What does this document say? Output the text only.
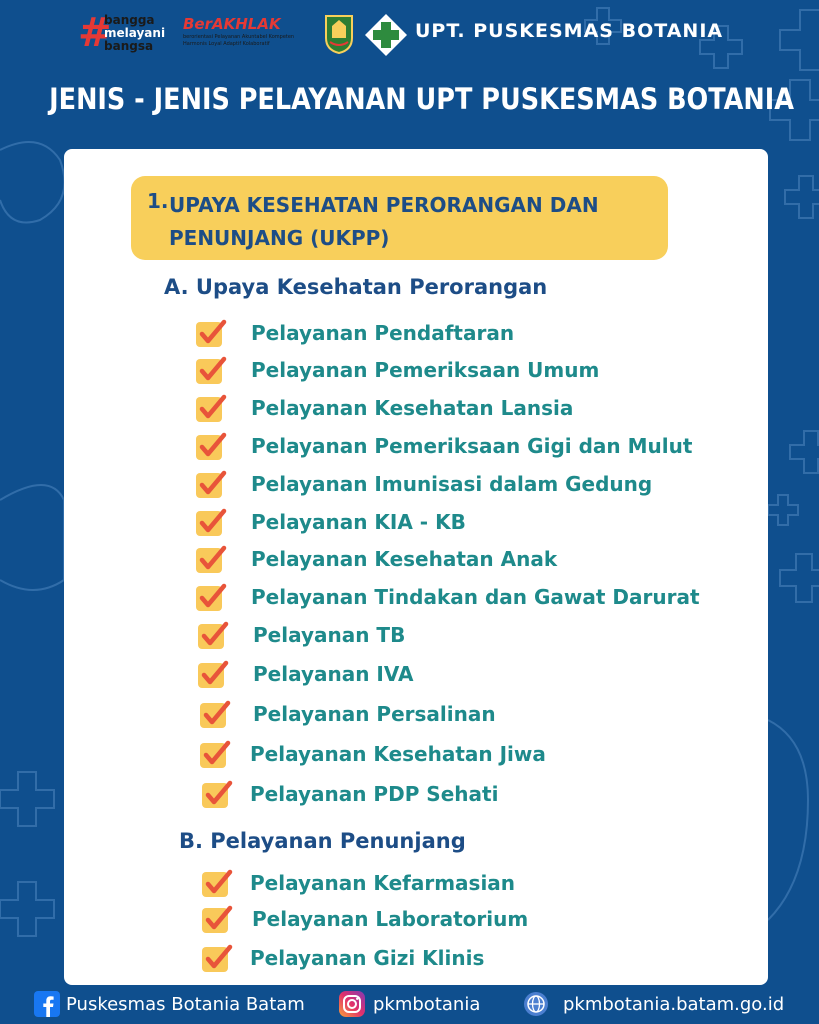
#
bangga
melayani
bangsa
BerAKHLAK
berorientasi Pelayanan Akuntabel Kompeten Harmonis Loyal Adaptif Kolaboratif
UPT. PUSKESMAS BOTANIA
JENIS - JENIS PELAYANAN UPT PUSKESMAS BOTANIA
1. UPAYA KESEHATAN PERORANGAN DAN PENUNJANG (UKPP)
A. Upaya Kesehatan Perorangan
Pelayanan Pendaftaran
Pelayanan Pemeriksaan Umum
Pelayanan Kesehatan Lansia
Pelayanan Pemeriksaan Gigi dan Mulut
Pelayanan Imunisasi dalam Gedung
Pelayanan KIA - KB
Pelayanan Kesehatan Anak
Pelayanan Tindakan dan Gawat Darurat
Pelayanan TB
Pelayanan IVA
Pelayanan Persalinan
Pelayanan Kesehatan Jiwa
Pelayanan PDP Sehati
B. Pelayanan Penunjang
Pelayanan Kefarmasian
Pelayanan Laboratorium
Pelayanan Gizi Klinis
Puskesmas Botania Batam	pkmbotania	pkmbotania.batam.go.id
